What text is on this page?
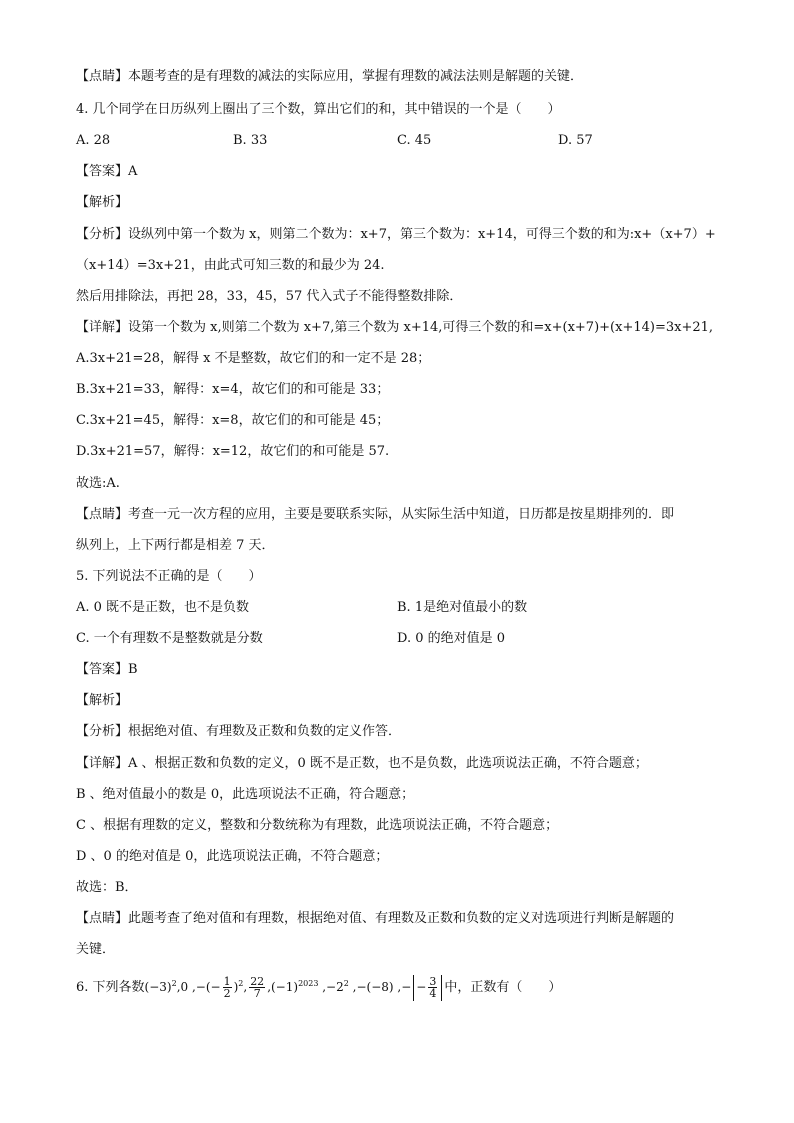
【点睛】本题考查的是有理数的减法的实际应用，掌握有理数的减法法则是解题的关键．
4. 几个同学在日历纵列上圈出了三个数，算出它们的和，其中错误的一个是（　　）
A. 28	B. 33	C. 45	D. 57
【答案】A
【解析】
【分析】设纵列中第一个数为 x，则第二个数为：x+7，第三个数为：x+14，可得三个数的和为:x+（x+7）+
（x+14）=3x+21，由此式可知三数的和最少为 24.
然后用排除法，再把 28，33，45，57 代入式子不能得整数排除．
【详解】设第一个数为 x,则第二个数为 x+7,第三个数为 x+14,可得三个数的和=x+(x+7)+(x+14)=3x+21,
A.3x+21=28，解得 x 不是整数，故它们的和一定不是 28；
B.3x+21=33，解得：x=4，故它们的和可能是 33；
C.3x+21=45，解得：x=8，故它们的和可能是 45；
D.3x+21=57，解得：x=12，故它们的和可能是 57.
故选:A.
【点睛】考查一元一次方程的应用，主要是要联系实际，从实际生活中知道，日历都是按星期排列的．即
纵列上，上下两行都是相差 7 天．
5. 下列说法不正确的是（　　）
A. 0 既不是正数，也不是负数	B. 1是绝对值最小的数
C. 一个有理数不是整数就是分数	D. 0 的绝对值是 0
【答案】B
【解析】
【分析】根据绝对值、有理数及正数和负数的定义作答．
【详解】A 、根据正数和负数的定义，0 既不是正数，也不是负数，此选项说法正确，不符合题意；
B 、绝对值最小的数是 0，此选项说法不正确，符合题意；
C 、根据有理数的定义，整数和分数统称为有理数，此选项说法正确，不符合题意；
D 、0 的绝对值是 0，此选项说法正确，不符合题意；
故选：B．
【点睛】此题考查了绝对值和有理数，根据绝对值、有理数及正数和负数的定义对选项进行判断是解题的
关键．
6. 下列各数$(-3)^2,0$ ,−(− $\frac{1}{2} )^2$, $\frac{22}{7} ,(-1)^{2023}$ $,-2^2$ ,−(−8) ,− − $\frac{3}{4}$ 中，正数有（　　）
